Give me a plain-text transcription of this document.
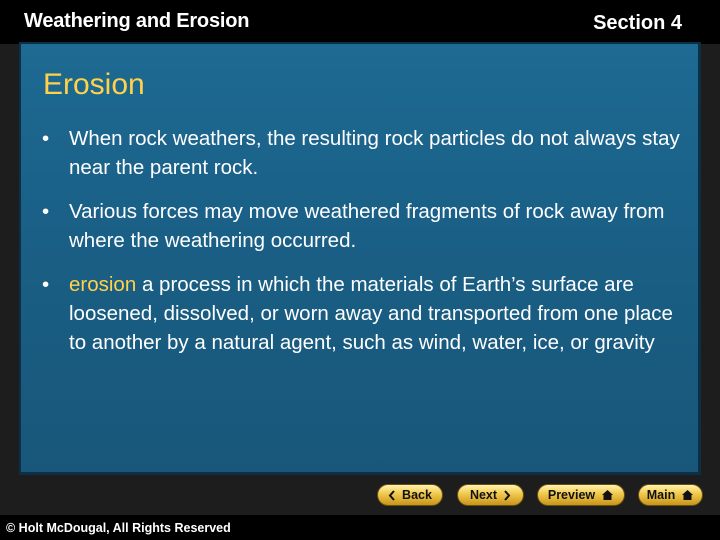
Weathering and Erosion	Section 4
Erosion
• When rock weathers, the resulting rock particles do not always stay near the parent rock.
• Various forces may move weathered fragments of rock away from where the weathering occurred.
• erosion a process in which the materials of Earth’s surface are loosened, dissolved, or worn away and transported from one place to another by a natural agent, such as wind, water, ice, or gravity
Back	Next	Preview	Main
© Holt McDougal, All Rights Reserved
